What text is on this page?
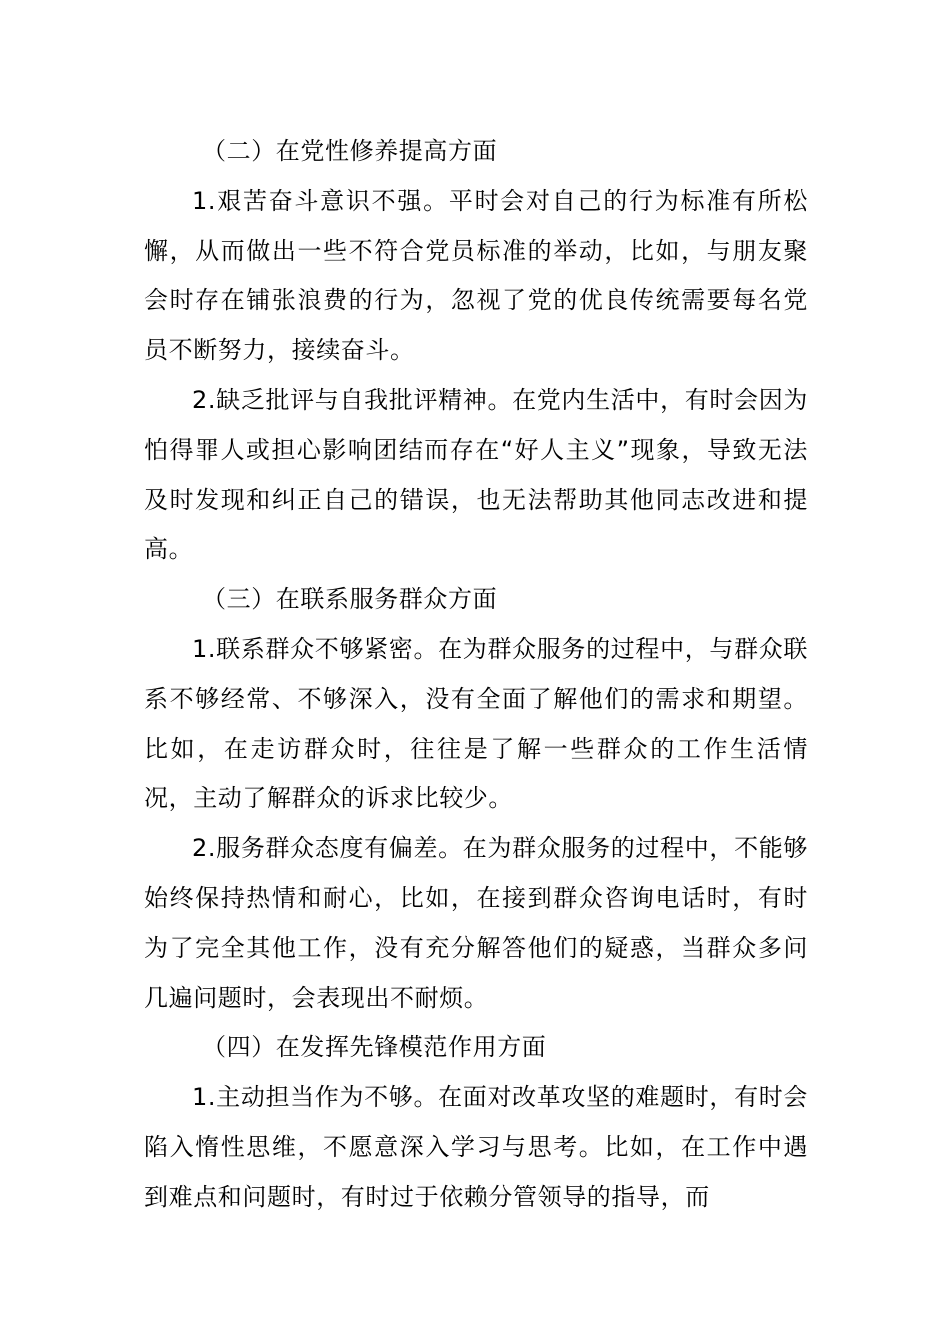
（二）在党性修养提高方面

1.艰苦奋斗意识不强。平时会对自己的行为标准有所松懈，从而做出一些不符合党员标准的举动，比如，与朋友聚会时存在铺张浪费的行为，忽视了党的优良传统需要每名党员不断努力，接续奋斗。

2.缺乏批评与自我批评精神。在党内生活中，有时会因为怕得罪人或担心影响团结而存在“好人主义”现象，导致无法及时发现和纠正自己的错误，也无法帮助其他同志改进和提高。

（三）在联系服务群众方面

1.联系群众不够紧密。在为群众服务的过程中，与群众联系不够经常、不够深入，没有全面了解他们的需求和期望。比如，在走访群众时，往往是了解一些群众的工作生活情况，主动了解群众的诉求比较少。

2.服务群众态度有偏差。在为群众服务的过程中，不能够始终保持热情和耐心，比如，在接到群众咨询电话时，有时为了完全其他工作，没有充分解答他们的疑惑，当群众多问几遍问题时，会表现出不耐烦。

（四）在发挥先锋模范作用方面

1.主动担当作为不够。在面对改革攻坚的难题时，有时会陷入惰性思维，不愿意深入学习与思考。比如，在工作中遇到难点和问题时，有时过于依赖分管领导的指导，而
